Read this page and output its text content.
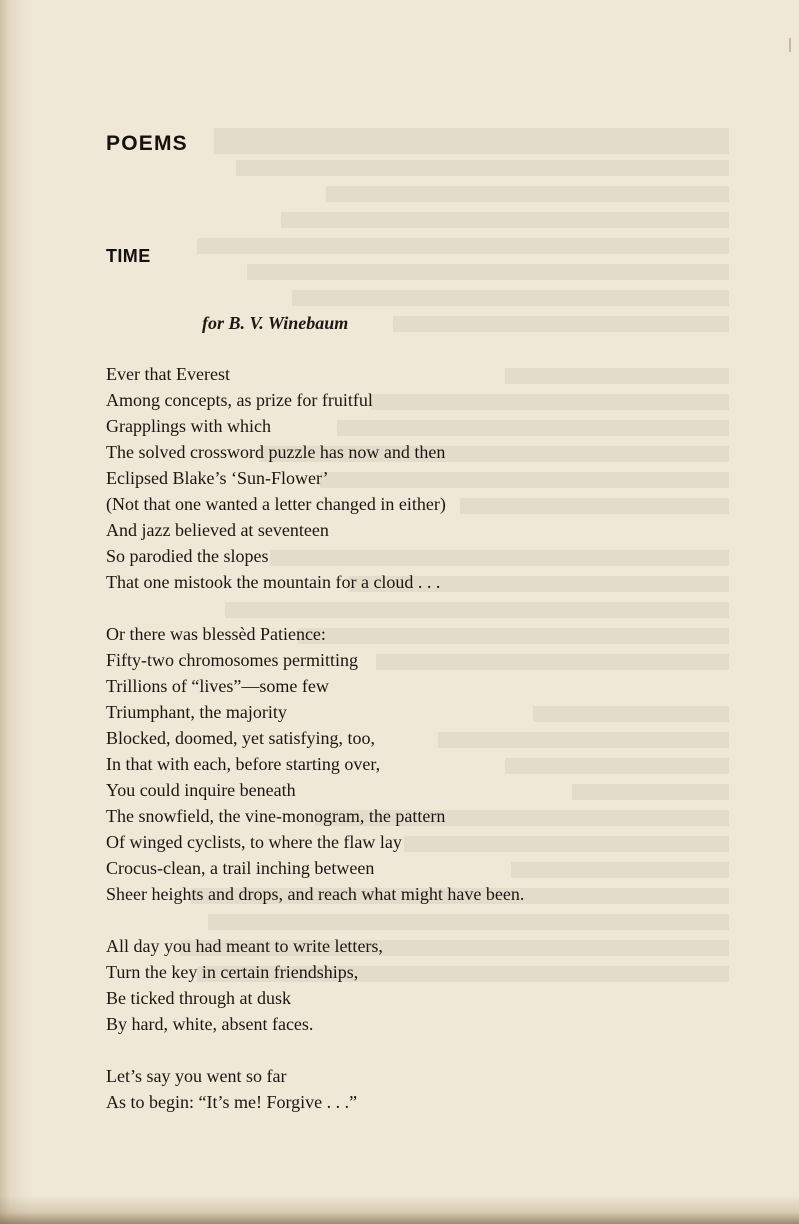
POEMS
TIME
for B. V. Winebaum
Ever that Everest
Among concepts, as prize for fruitful
Grapplings with which
The solved crossword puzzle has now and then
Eclipsed Blake’s ‘Sun-Flower’
(Not that one wanted a letter changed in either)
And jazz believed at seventeen
So parodied the slopes
That one mistook the mountain for a cloud . . .
Or there was blessèd Patience:
Fifty-two chromosomes permitting
Trillions of “lives”—some few
Triumphant, the majority
Blocked, doomed, yet satisfying, too,
In that with each, before starting over,
You could inquire beneath
The snowfield, the vine-monogram, the pattern
Of winged cyclists, to where the flaw lay
Crocus-clean, a trail inching between
Sheer heights and drops, and reach what might have been.
All day you had meant to write letters,
Turn the key in certain friendships,
Be ticked through at dusk
By hard, white, absent faces.
Let’s say you went so far
As to begin: “It’s me! Forgive . . .”
